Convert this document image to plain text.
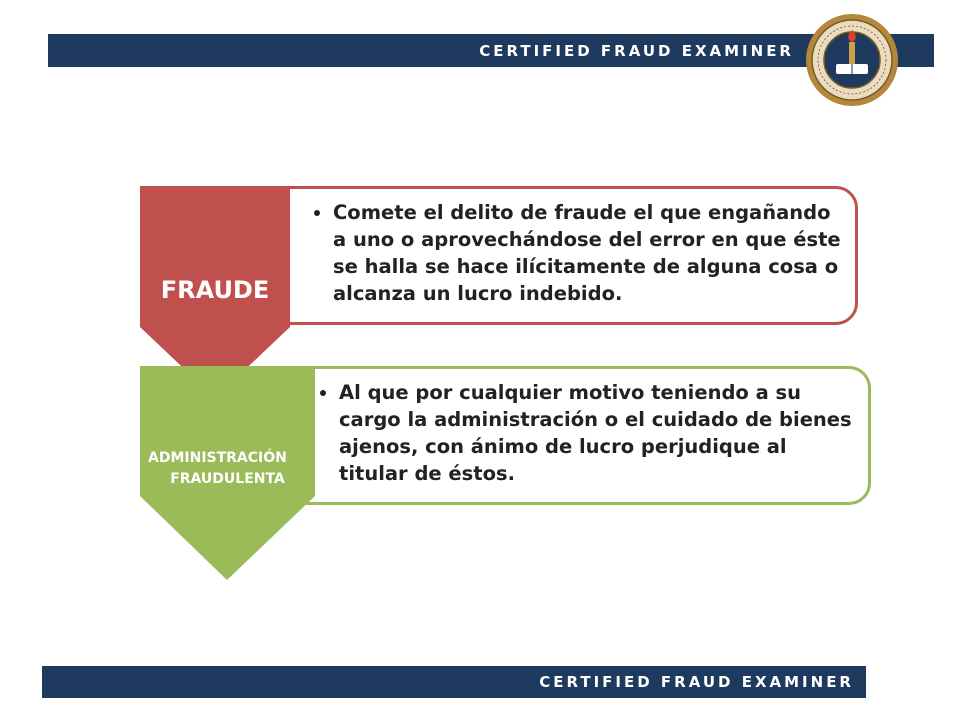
CERTIFIED FRAUD EXAMINER
• Comete el delito de fraude el que engañando a uno o aprovechándose del error en que éste se halla se hace ilícitamente de alguna cosa o alcanza un lucro indebido.
FRAUDE
• Al que por cualquier motivo teniendo a su cargo la administración o el cuidado de bienes ajenos, con ánimo de lucro perjudique al titular de éstos.
ADMINISTRACIÓN
FRAUDULENTA
CERTIFIED FRAUD EXAMINER
